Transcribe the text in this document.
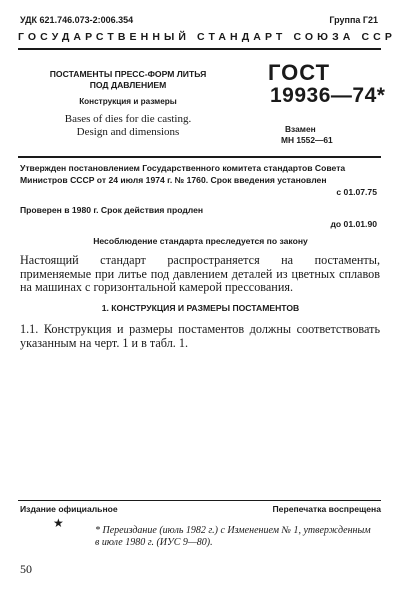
УДК 621.746.073-2:006.354	Группа Г21
ГОСУДАРСТВЕННЫЙ СТАНДАРТ СОЮЗА ССР
ПОСТАМЕНТЫ ПРЕСС-ФОРМ ЛИТЬЯ ПОД ДАВЛЕНИЕМ
Конструкция и размеры
Bases of dies for die casting. Design and dimensions
ГОСТ
19936—74*
Взамен
МН 1552—61
Утвержден постановлением Государственного комитета стандартов Совета Министров СССР от 24 июля 1974 г. № 1760. Срок введения установлен
с 01.07.75
Проверен в 1980 г. Срок действия продлен
до 01.01.90
Несоблюдение стандарта преследуется по закону
Настоящий стандарт распространяется на постаменты, применяемые при литье под давлением деталей из цветных сплавов на машинах с горизонтальной камерой прессования.
1. КОНСТРУКЦИЯ И РАЗМЕРЫ ПОСТАМЕНТОВ
1.1. Конструкция и размеры постаментов должны соответствовать указанным на черт. 1 и в табл. 1.
Издание официальное	Перепечатка воспрещена
★
* Переиздание (июль 1982 г.) с Изменением № 1, утвержденным в июле 1980 г. (ИУС 9—80).
50
